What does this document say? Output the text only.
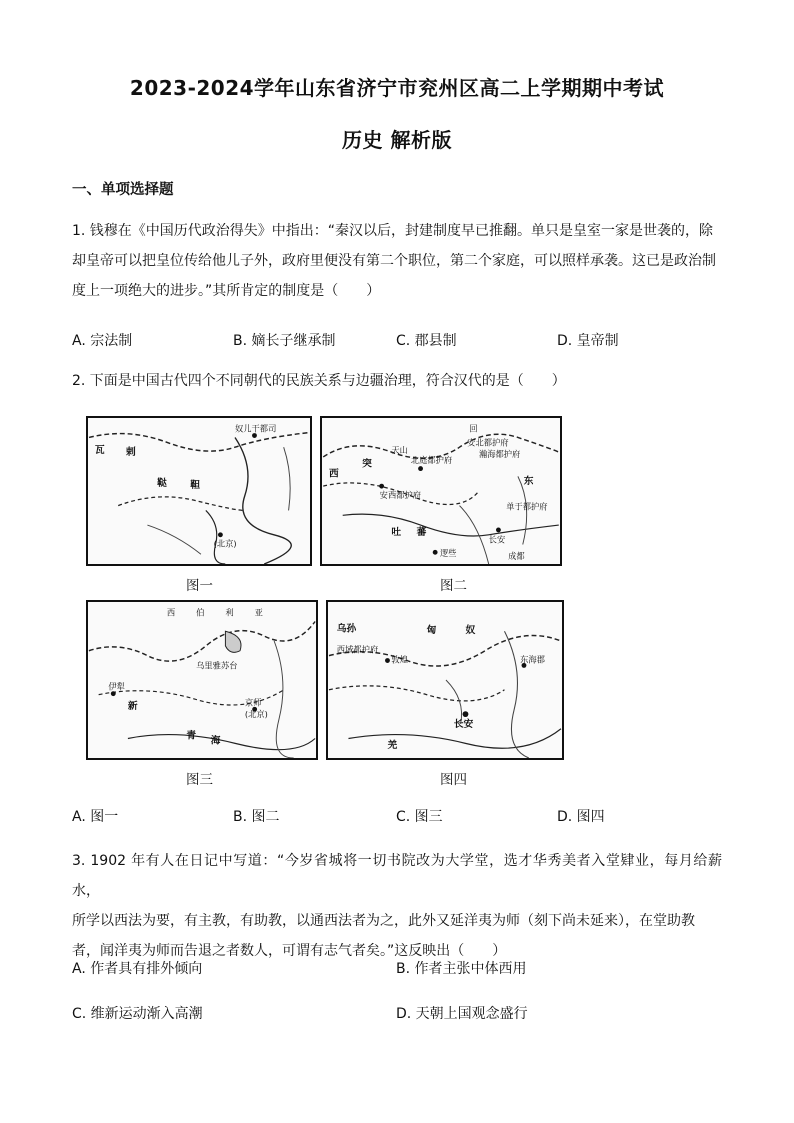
2023-2024学年山东省济宁市兖州区高二上学期期中考试
历史 解析版
一、单项选择题
1. 钱穆在《中国历代政治得失》中指出：“秦汉以后，封建制度早已推翻。单只是皇室一家是世袭的，除
却皇帝可以把皇位传给他儿子外，政府里便没有第二个职位，第二个家庭，可以照样承袭。这已是政治制
度上一项绝大的进步。”其所肯定的制度是（　　）
A. 宗法制	B. 嫡长子继承制	C. 郡县制	D. 皇帝制
2. 下面是中国古代四个不同朝代的民族关系与边疆治理，符合汉代的是（　　）
奴儿干都司
瓦 剌
鞑 靼
(北京)
回
安北都护府
北庭都护府
瀚海都护府
西
突
天山
东
安西都护府
单于都护府
长安
吐 蕃
逻些	成都
图一	图二
西 伯 利 亚
乌里雅苏台
伊犁
新
青 海
京师
(北京)
乌孙	匈	奴
西域都护府
敦煌
长安
东海郡
羌
图三	图四
A. 图一	B. 图二	C. 图三	D. 图四
3. 1902 年有人在日记中写道：“今岁省城将一切书院改为大学堂，选才华秀美者入堂肄业，每月给薪水，
所学以西法为要，有主教，有助教，以通西法者为之，此外又延洋夷为师（刻下尚未延来），在堂助教
者，闻洋夷为师而告退之者数人，可谓有志气者矣。”这反映出（　　）
A. 作者具有排外倾向	B. 作者主张中体西用
C. 维新运动渐入高潮	D. 天朝上国观念盛行
